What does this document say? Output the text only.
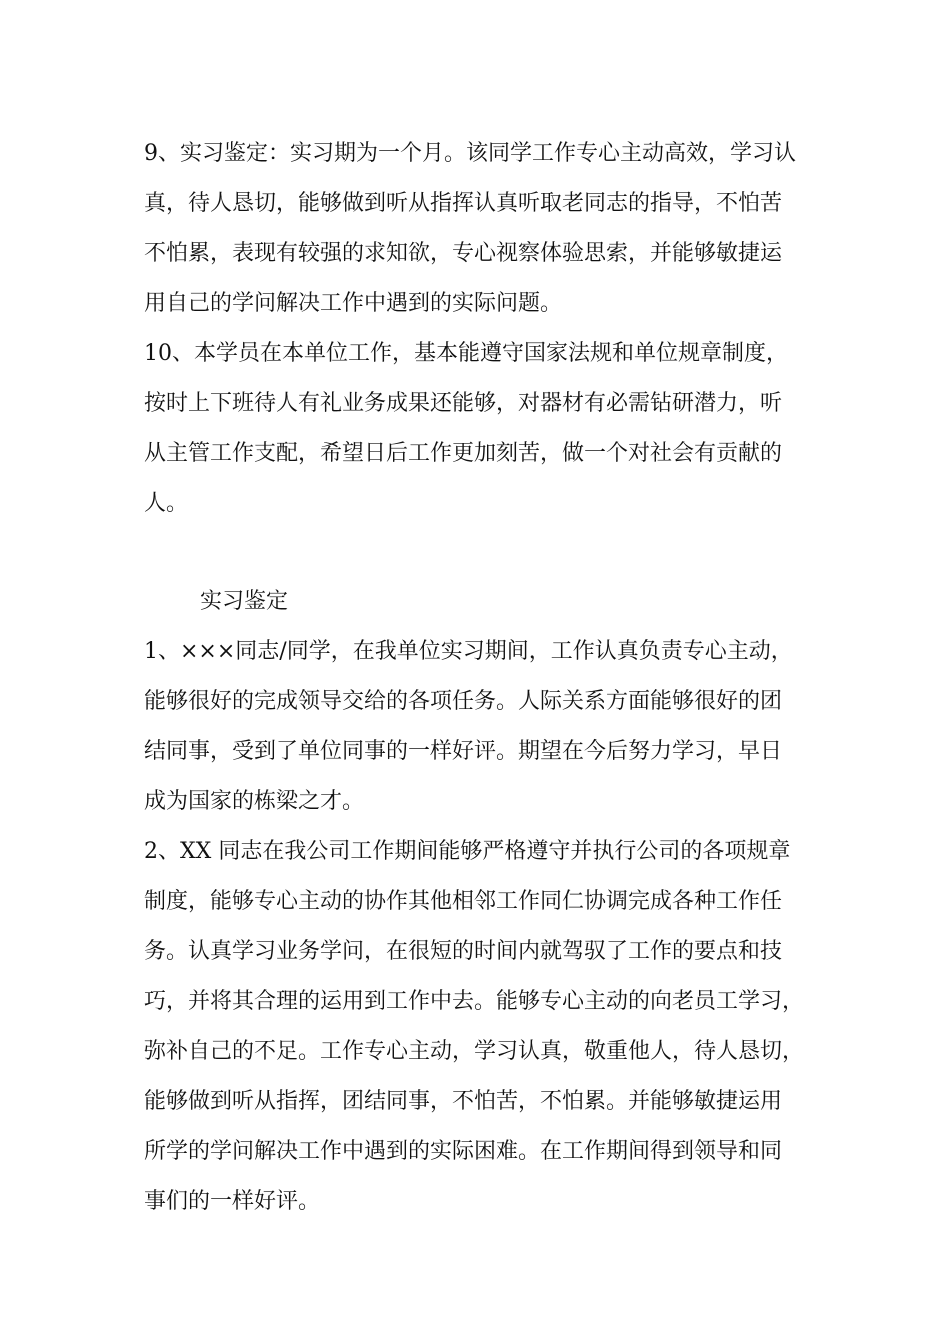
9、实习鉴定：实习期为一个月。该同学工作专心主动高效，学习认

真，待人恳切，能够做到听从指挥认真听取老同志的指导，不怕苦

不怕累，表现有较强的求知欲，专心视察体验思索，并能够敏捷运

用自己的学问解决工作中遇到的实际问题。

10、本学员在本单位工作，基本能遵守国家法规和单位规章制度，

按时上下班待人有礼业务成果还能够，对器材有必需钻研潜力，听

从主管工作支配，希望日后工作更加刻苦，做一个对社会有贡献的

人。

实习鉴定

1、×××同志/同学，在我单位实习期间，工作认真负责专心主动，

能够很好的完成领导交给的各项任务。人际关系方面能够很好的团

结同事，受到了单位同事的一样好评。期望在今后努力学习，早日

成为国家的栋梁之才。

2、XX 同志在我公司工作期间能够严格遵守并执行公司的各项规章

制度，能够专心主动的协作其他相邻工作同仁协调完成各种工作任

务。认真学习业务学问，在很短的时间内就驾驭了工作的要点和技

巧，并将其合理的运用到工作中去。能够专心主动的向老员工学习，

弥补自己的不足。工作专心主动，学习认真，敬重他人，待人恳切，

能够做到听从指挥，团结同事，不怕苦，不怕累。并能够敏捷运用

所学的学问解决工作中遇到的实际困难。在工作期间得到领导和同

事们的一样好评。
